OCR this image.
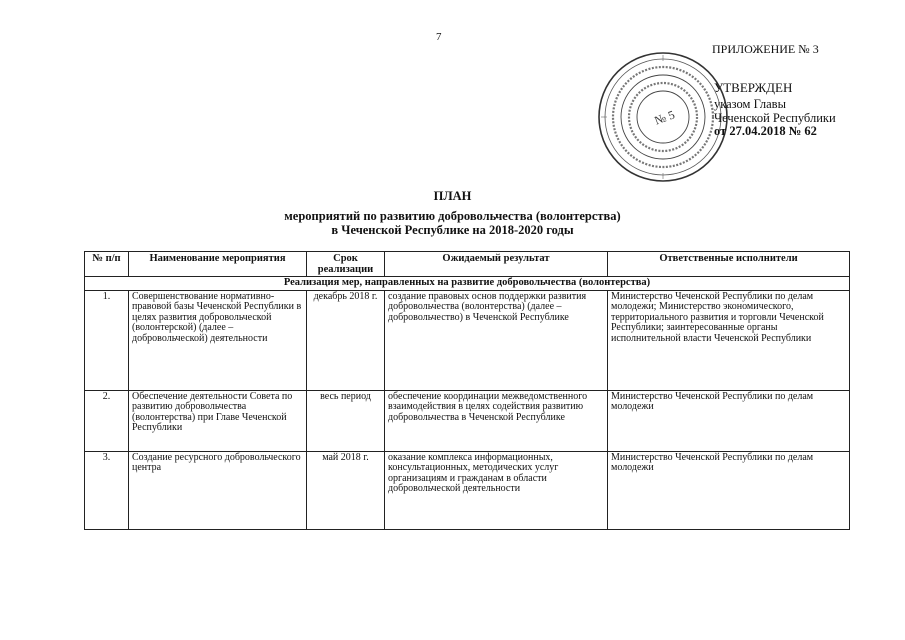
7
ПРИЛОЖЕНИЕ № 3
№ 5
УТВЕРЖДЕН
указом Главы
Чеченской Республики
от 27.04.2018 № 62
ПЛАН
мероприятий по развитию добровольчества (волонтерства)
в Чеченской Республике на 2018-2020 годы
№ п/п	Наименование мероприятия	Срок реализации	Ожидаемый результат	Ответственные исполнители
Реализация мер, направленных на развитие добровольчества (волонтерства)				
1.	Совершенствование нормативно-правовой базы Чеченской Республики в целях развития добровольческой (волонтерской) (далее – добровольческой) деятельности	декабрь 2018 г.	создание правовых основ поддержки развития добровольчества (волонтерства) (далее – добровольчество) в Чеченской Республике	Министерство Чеченской Республики по делам молодежи; Министерство экономического, территориального развития и торговли Чеченской Республики; заинтересованные органы исполнительной власти Чеченской Республики
2.	Обеспечение деятельности Совета по развитию добровольчества (волонтерства) при Главе Чеченской Республики	весь период	обеспечение координации межведомственного взаимодействия в целях содействия развитию добровольчества в Чеченской Республике	Министерство Чеченской Республики по делам молодежи
3.	Создание ресурсного добровольческого центра	май 2018 г.	оказание комплекса информационных, консультационных, методических услуг организациям и гражданам в области добровольческой деятельности	Министерство Чеченской Республики по делам молодежи
